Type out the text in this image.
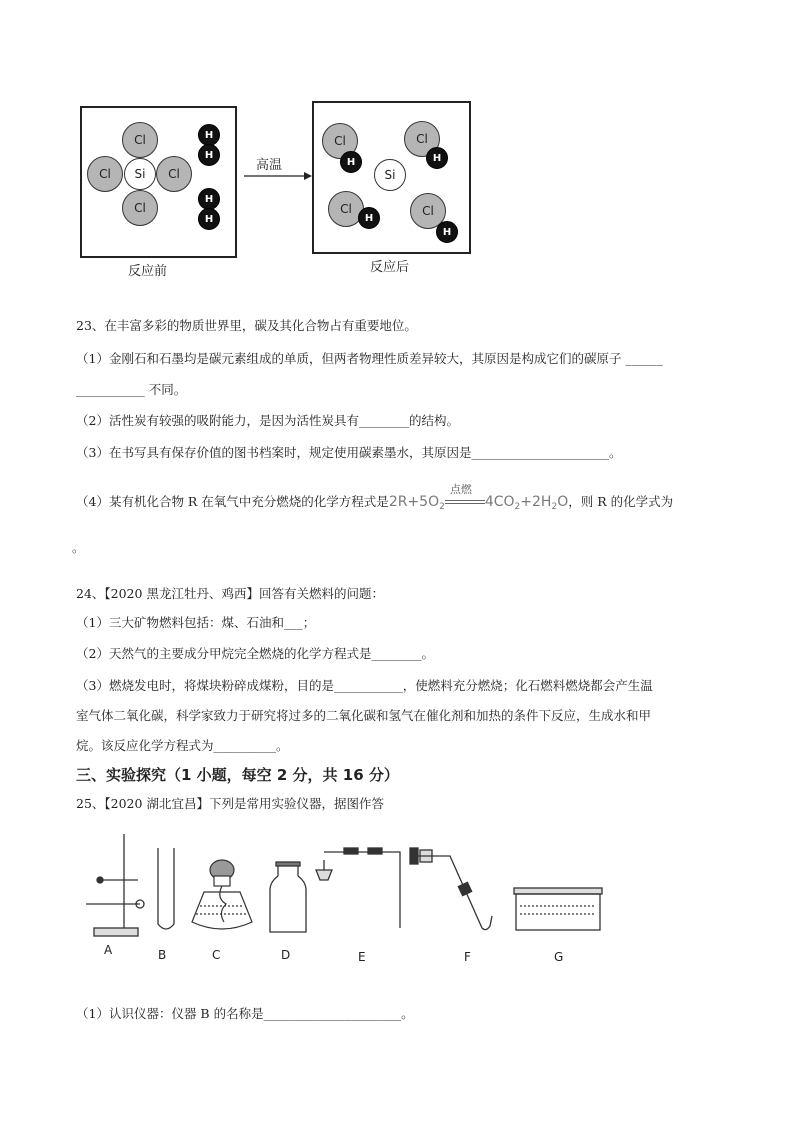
Cl
Cl	Si	Cl
Cl
H
H
H
H
反应前
高温
Cl
H
Cl
H
Si
Cl
H	Cl
H
反应后
23、在丰富多彩的物质世界里，碳及其化合物占有重要地位。
（1）金刚石和石墨均是碳元素组成的单质，但两者物理性质差异较大，其原因是构成它们的碳原子 ______
___________ 不同。
（2）活性炭有较强的吸附能力，是因为活性炭具有________的结构。
（3）在书写具有保存价值的图书档案时，规定使用碳素墨水，其原因是______________________。
（4）某有机化合物 R 在氧气中充分燃烧的化学方程式是$2R+5O_2$
点燃
$4CO_2+2H_2O$，则 R 的化学式为
。
24、【2020 黑龙江牡丹、鸡西】回答有关燃料的问题：
（1）三大矿物燃料包括：煤、石油和___；
（2）天然气的主要成分甲烷完全燃烧的化学方程式是________。
（3）燃烧发电时，将煤块粉碎成煤粉，目的是___________，使燃料充分燃烧；化石燃料燃烧都会产生温
室气体二氧化碳，科学家致力于研究将过多的二氧化碳和氢气在催化剂和加热的条件下反应，生成水和甲
烷。该反应化学方程式为__________。
三、实验探究（1 小题，每空 2 分，共 16 分）
25、【2020 湖北宜昌】下列是常用实验仪器，据图作答
A	B	C	D	E	F	G
（1）认识仪器：仪器 B 的名称是______________________。
